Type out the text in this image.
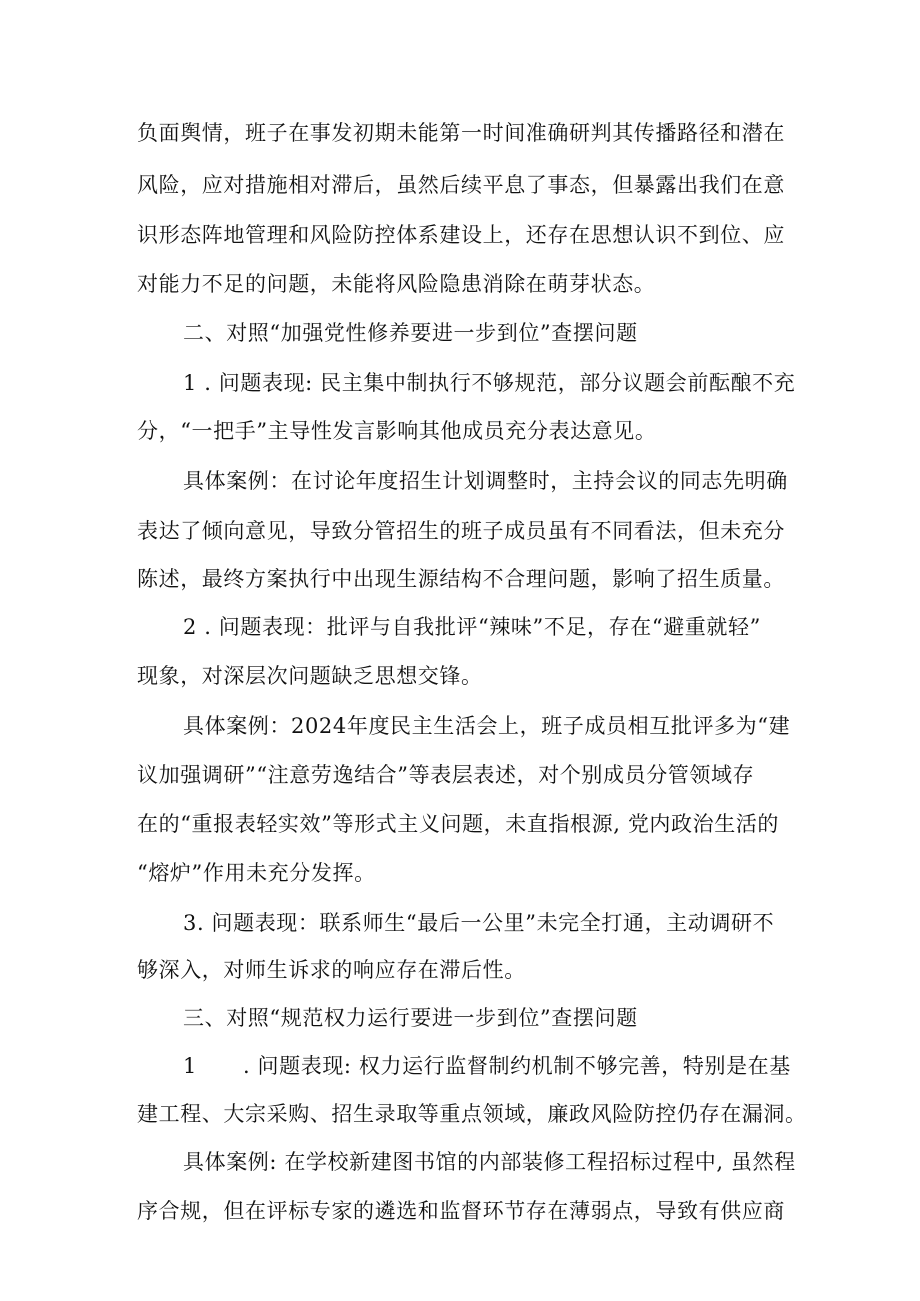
负面舆情，班子在事发初期未能第一时间准确研判其传播路径和潜在
风险，应对措施相对滞后，虽然后续平息了事态，但暴露出我们在意
识形态阵地管理和风险防控体系建设上，还存在思想认识不到位、应
对能力不足的问题，未能将风险隐患消除在萌芽状态。
二、对照“加强党性修养要进一步到位”查摆问题
1 . 问题表现: 民主集中制执行不够规范，部分议题会前酝酿不充
分，“一把手”主导性发言影响其他成员充分表达意见。
具体案例：在讨论年度招生计划调整时，主持会议的同志先明确
表达了倾向意见，导致分管招生的班子成员虽有不同看法，但未充分
陈述，最终方案执行中出现生源结构不合理问题，影响了招生质量。
2 . 问题表现：批评与自我批评“辣味”不足，存在“避重就轻”
现象，对深层次问题缺乏思想交锋。
具体案例：2024年度民主生活会上，班子成员相互批评多为“建
议加强调研”“注意劳逸结合”等表层表述，对个别成员分管领域存
在的“重报表轻实效”等形式主义问题，未直指根源, 党内政治生活的
“熔炉”作用未充分发挥。
3. 问题表现：联系师生“最后一公里”未完全打通，主动调研不
够深入，对师生诉求的响应存在滞后性。
三、对照“规范权力运行要进一步到位”查摆问题
1 . 问题表现: 权力运行监督制约机制不够完善，特别是在基
建工程、大宗采购、招生录取等重点领域，廉政风险防控仍存在漏洞。
具体案例: 在学校新建图书馆的内部装修工程招标过程中, 虽然程
序合规，但在评标专家的遴选和监督环节存在薄弱点，导致有供应商
